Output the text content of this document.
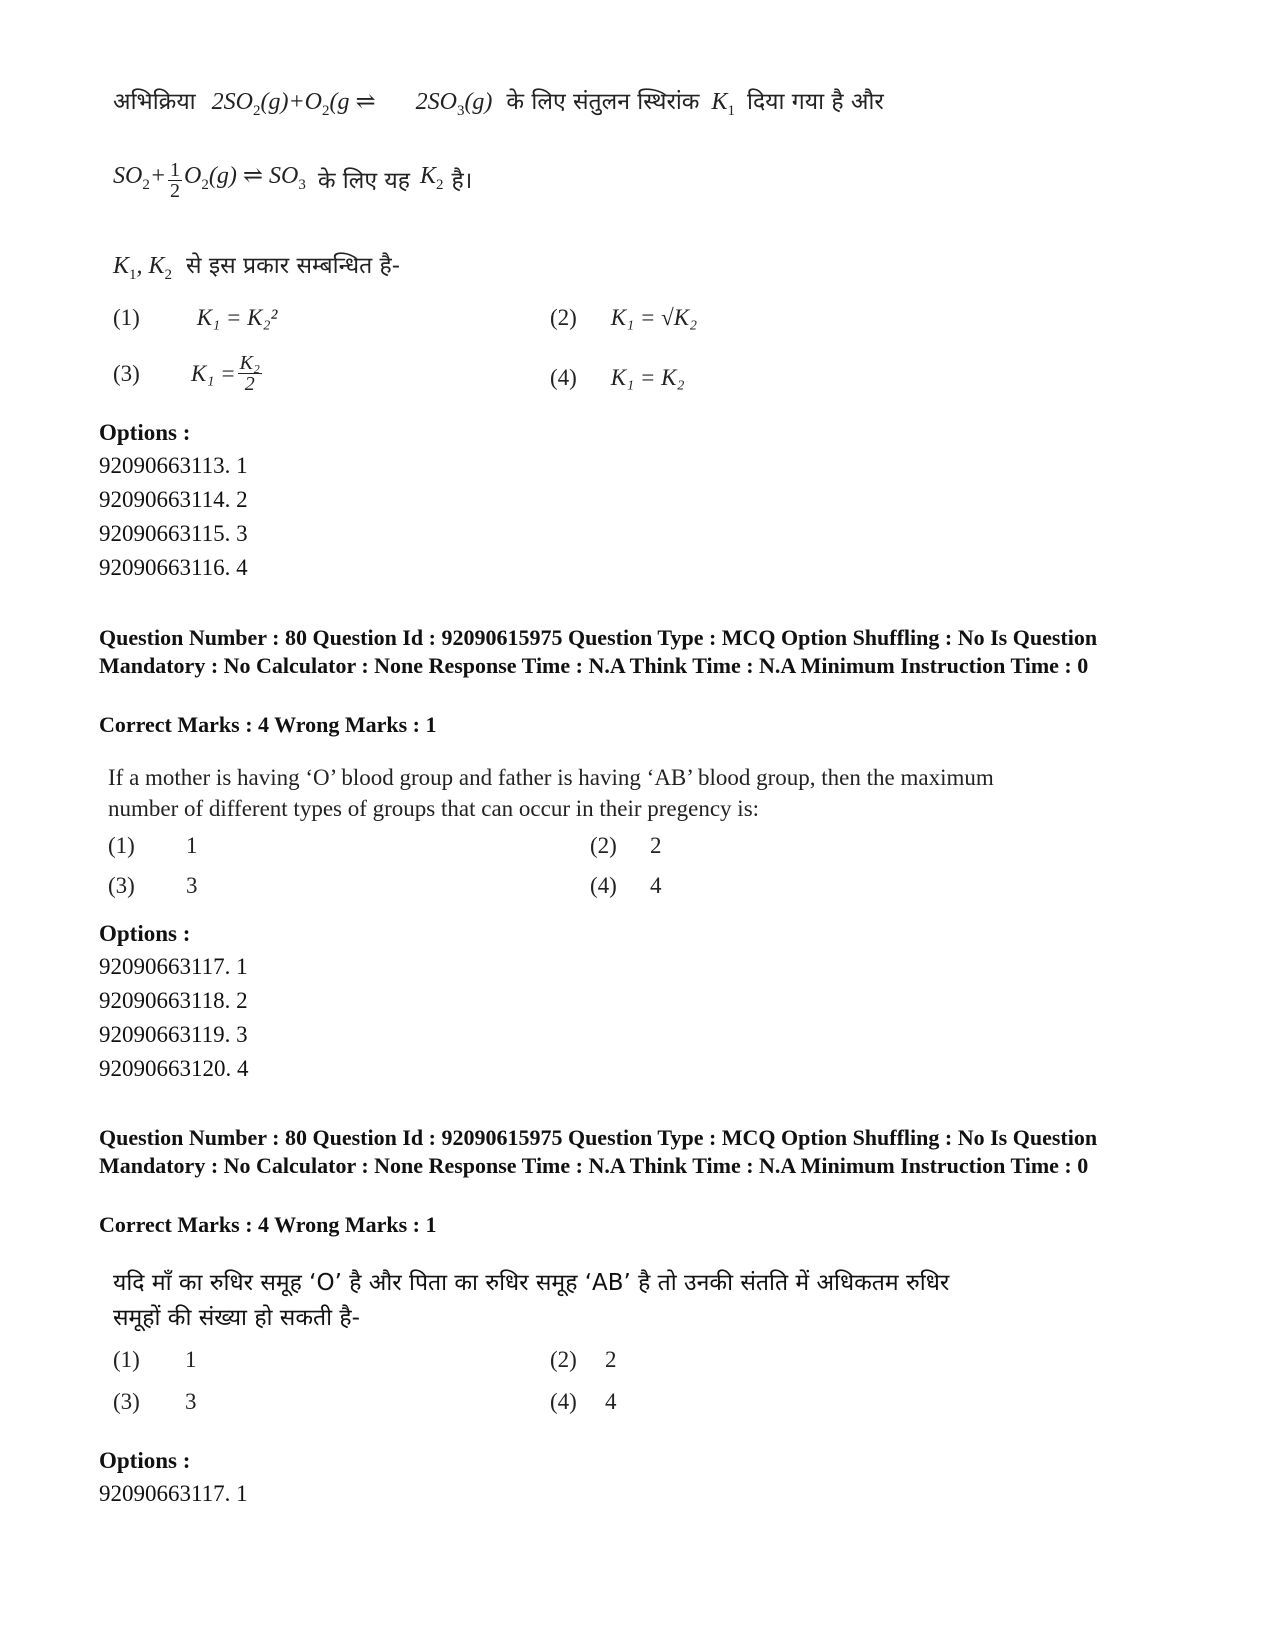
अभिक्रिया $2SO_2(g)+O_2(g$ ⇌ $2SO_3(g)$ के लिए संतुलन स्थिरांक $K_1$ दिया गया है और
$SO_2+ \frac{1}{2} O_2(g)$ ⇌ $SO_3$ के लिए यह $K_2$ है।
$K_1$, $K_2$ से इस प्रकार सम्बन्धित है-
(1) K₁ = K₂²	(2) K₁ = √K₂
(3)	$K_1 = \frac{\text{K₂}}{2}$	(4) K₁ = K₂
Options :
92090663113. 1
92090663114. 2
92090663115. 3
92090663116. 4
Question Number : 80 Question Id : 92090615975 Question Type : MCQ Option Shuffling : No Is Question Mandatory : No Calculator : None Response Time : N.A Think Time : N.A Minimum Instruction Time : 0
Correct Marks : 4 Wrong Marks : 1
If a mother is having ‘O’ blood group and father is having ‘AB’ blood group, then the maximum number of different types of groups that can occur in their pregency is:
(1) 1	(2) 2
(3) 3	(4) 4
Options :
92090663117. 1
92090663118. 2
92090663119. 3
92090663120. 4
Question Number : 80 Question Id : 92090615975 Question Type : MCQ Option Shuffling : No Is Question Mandatory : No Calculator : None Response Time : N.A Think Time : N.A Minimum Instruction Time : 0
Correct Marks : 4 Wrong Marks : 1
यदि माँ का रुधिर समूह ‘O’ है और पिता का रुधिर समूह ‘AB’ है तो उनकी संतति में अधिकतम रुधिर
समूहों की संख्या हो सकती है-
(1) 1	(2) 2
(3) 3	(4) 4
Options :
92090663117. 1
